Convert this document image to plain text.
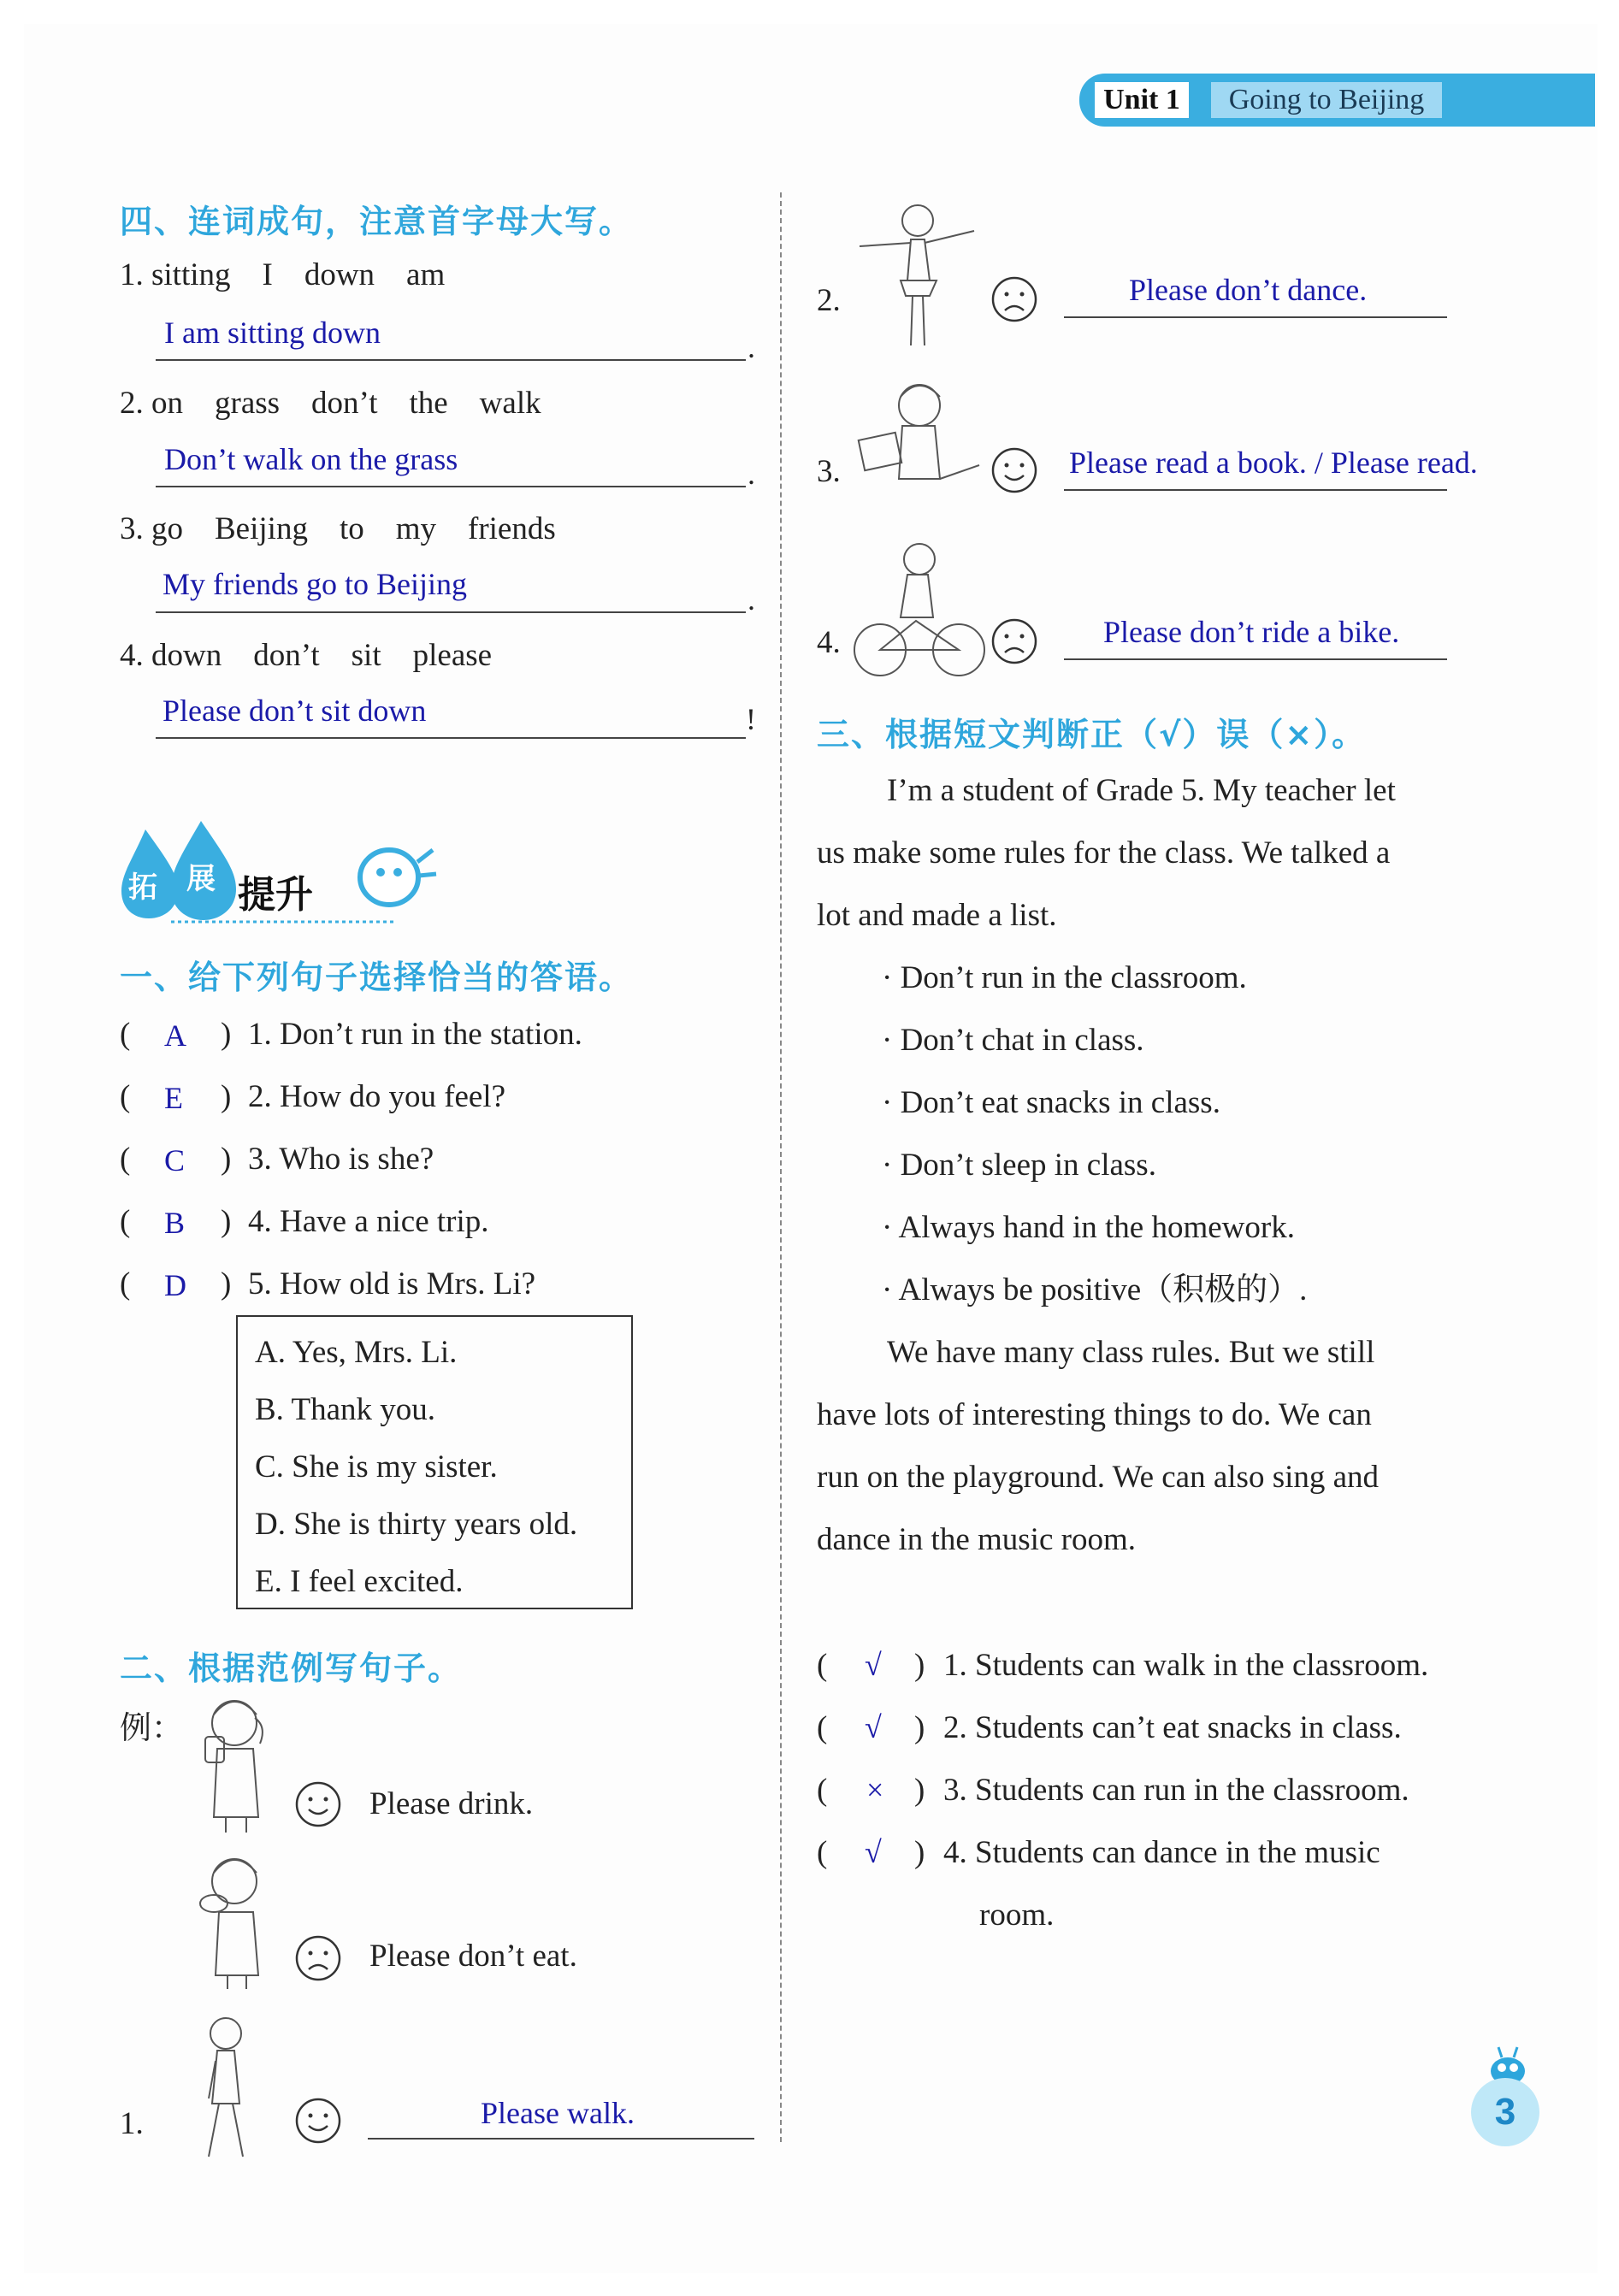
Unit 1	Going to Beijing
四、连词成句，注意首字母大写。
1. sitting    I    down    am
I am sitting down	.
2. on    grass    don’t    the    walk
Don’t walk on the grass	.
3. go    Beijing    to    my    friends
My friends go to Beijing	.
4. down    don’t    sit    please
Please don’t sit down	!
拓 展 提升
一、给下列句子选择恰当的答语。
( A ) 1. Don’t run in the station.
( E ) 2. How do you feel?
( C ) 3. Who is she?
( B ) 4. Have a nice trip.
( D ) 5. How old is Mrs. Li?
A. Yes, Mrs. Li.
B. Thank you.
C. She is my sister.
D. She is thirty years old.
E. I feel excited.
二、根据范例写句子。
例：
Please drink.
Please don’t eat.
1.	Please walk.
2.	Please don’t dance.
3.	Please read a book. / Please read.
4.	Please don’t ride a bike.
三、根据短文判断正（√）误（×）。
I’m a student of Grade 5. My teacher let
us make some rules for the class. We talked a
lot and made a list.
· Don’t run in the classroom.
· Don’t chat in class.
· Don’t eat snacks in class.
· Don’t sleep in class.
· Always hand in the homework.
· Always be positive（积极的）.
We have many class rules. But we still
have lots of interesting things to do. We can
run on the playground. We can also sing and
dance in the music room.
( √ ) 1. Students can walk in the classroom.
( √ ) 2. Students can’t eat snacks in class.
( × ) 3. Students can run in the classroom.
( √ ) 4. Students can dance in the music
room.
3
